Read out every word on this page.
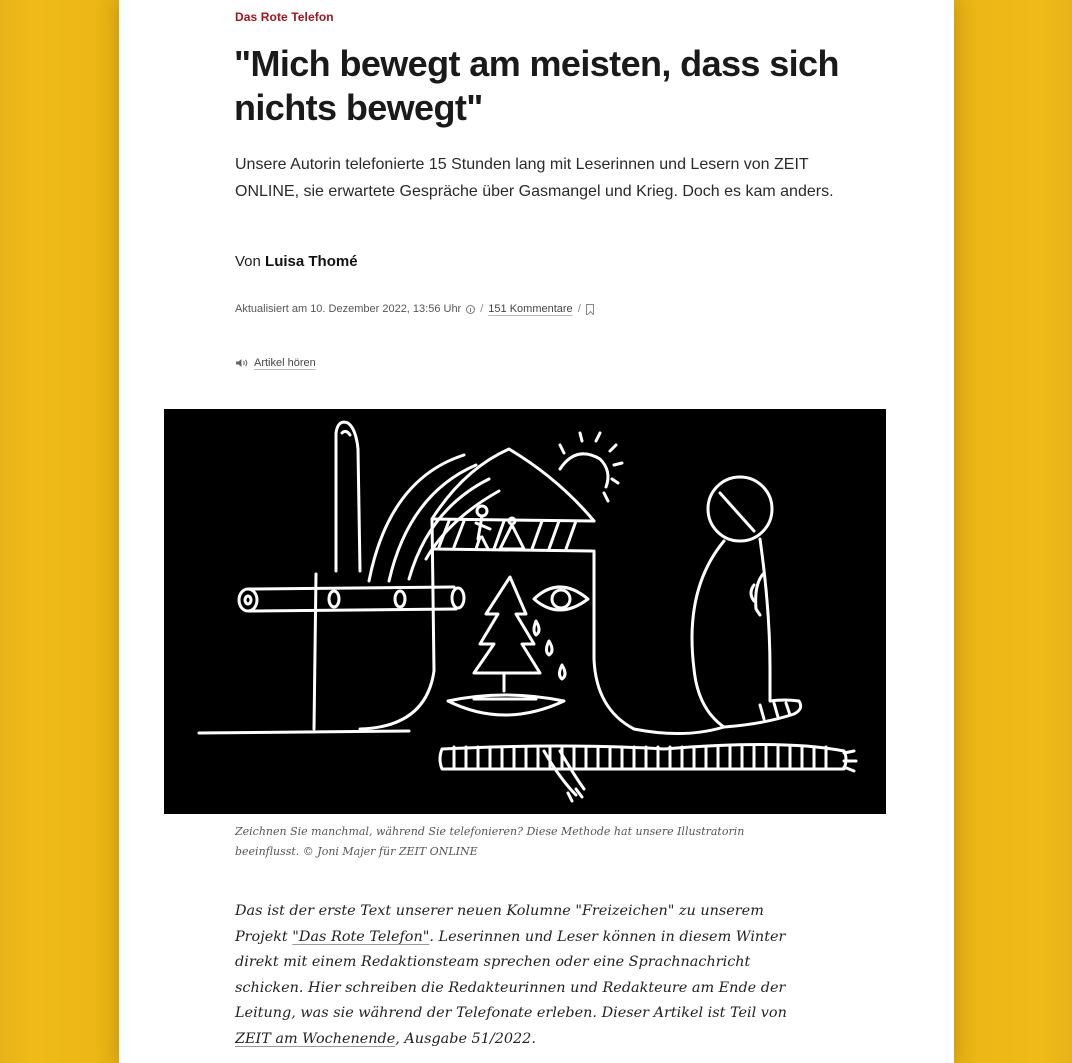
Das Rote Telefon
"Mich bewegt am meisten, dass sich nichts bewegt"

Unsere Autorin telefonierte 15 Stunden lang mit Leserinnen und Lesern von ZEIT ONLINE, sie erwartete Gespräche über Gasmangel und Krieg. Doch es kam anders.

Von Luisa Thomé
Aktualisiert am 10. Dezember 2022, 13:56 Uhr / 151 Kommentare /
Artikel hören

Zeichnen Sie manchmal, während Sie telefonieren? Diese Methode hat unsere Illustratorin beeinflusst. © Joni Majer für ZEIT ONLINE

Das ist der erste Text unserer neuen Kolumne "Freizeichen" zu unserem Projekt "Das Rote Telefon". Leserinnen und Leser können in diesem Winter direkt mit einem Redaktionsteam sprechen oder eine Sprachnachricht schicken. Hier schreiben die Redakteurinnen und Redakteure am Ende der Leitung, was sie während der Telefonate erleben. Dieser Artikel ist Teil von ZEIT am Wochenende, Ausgabe 51/2022.
